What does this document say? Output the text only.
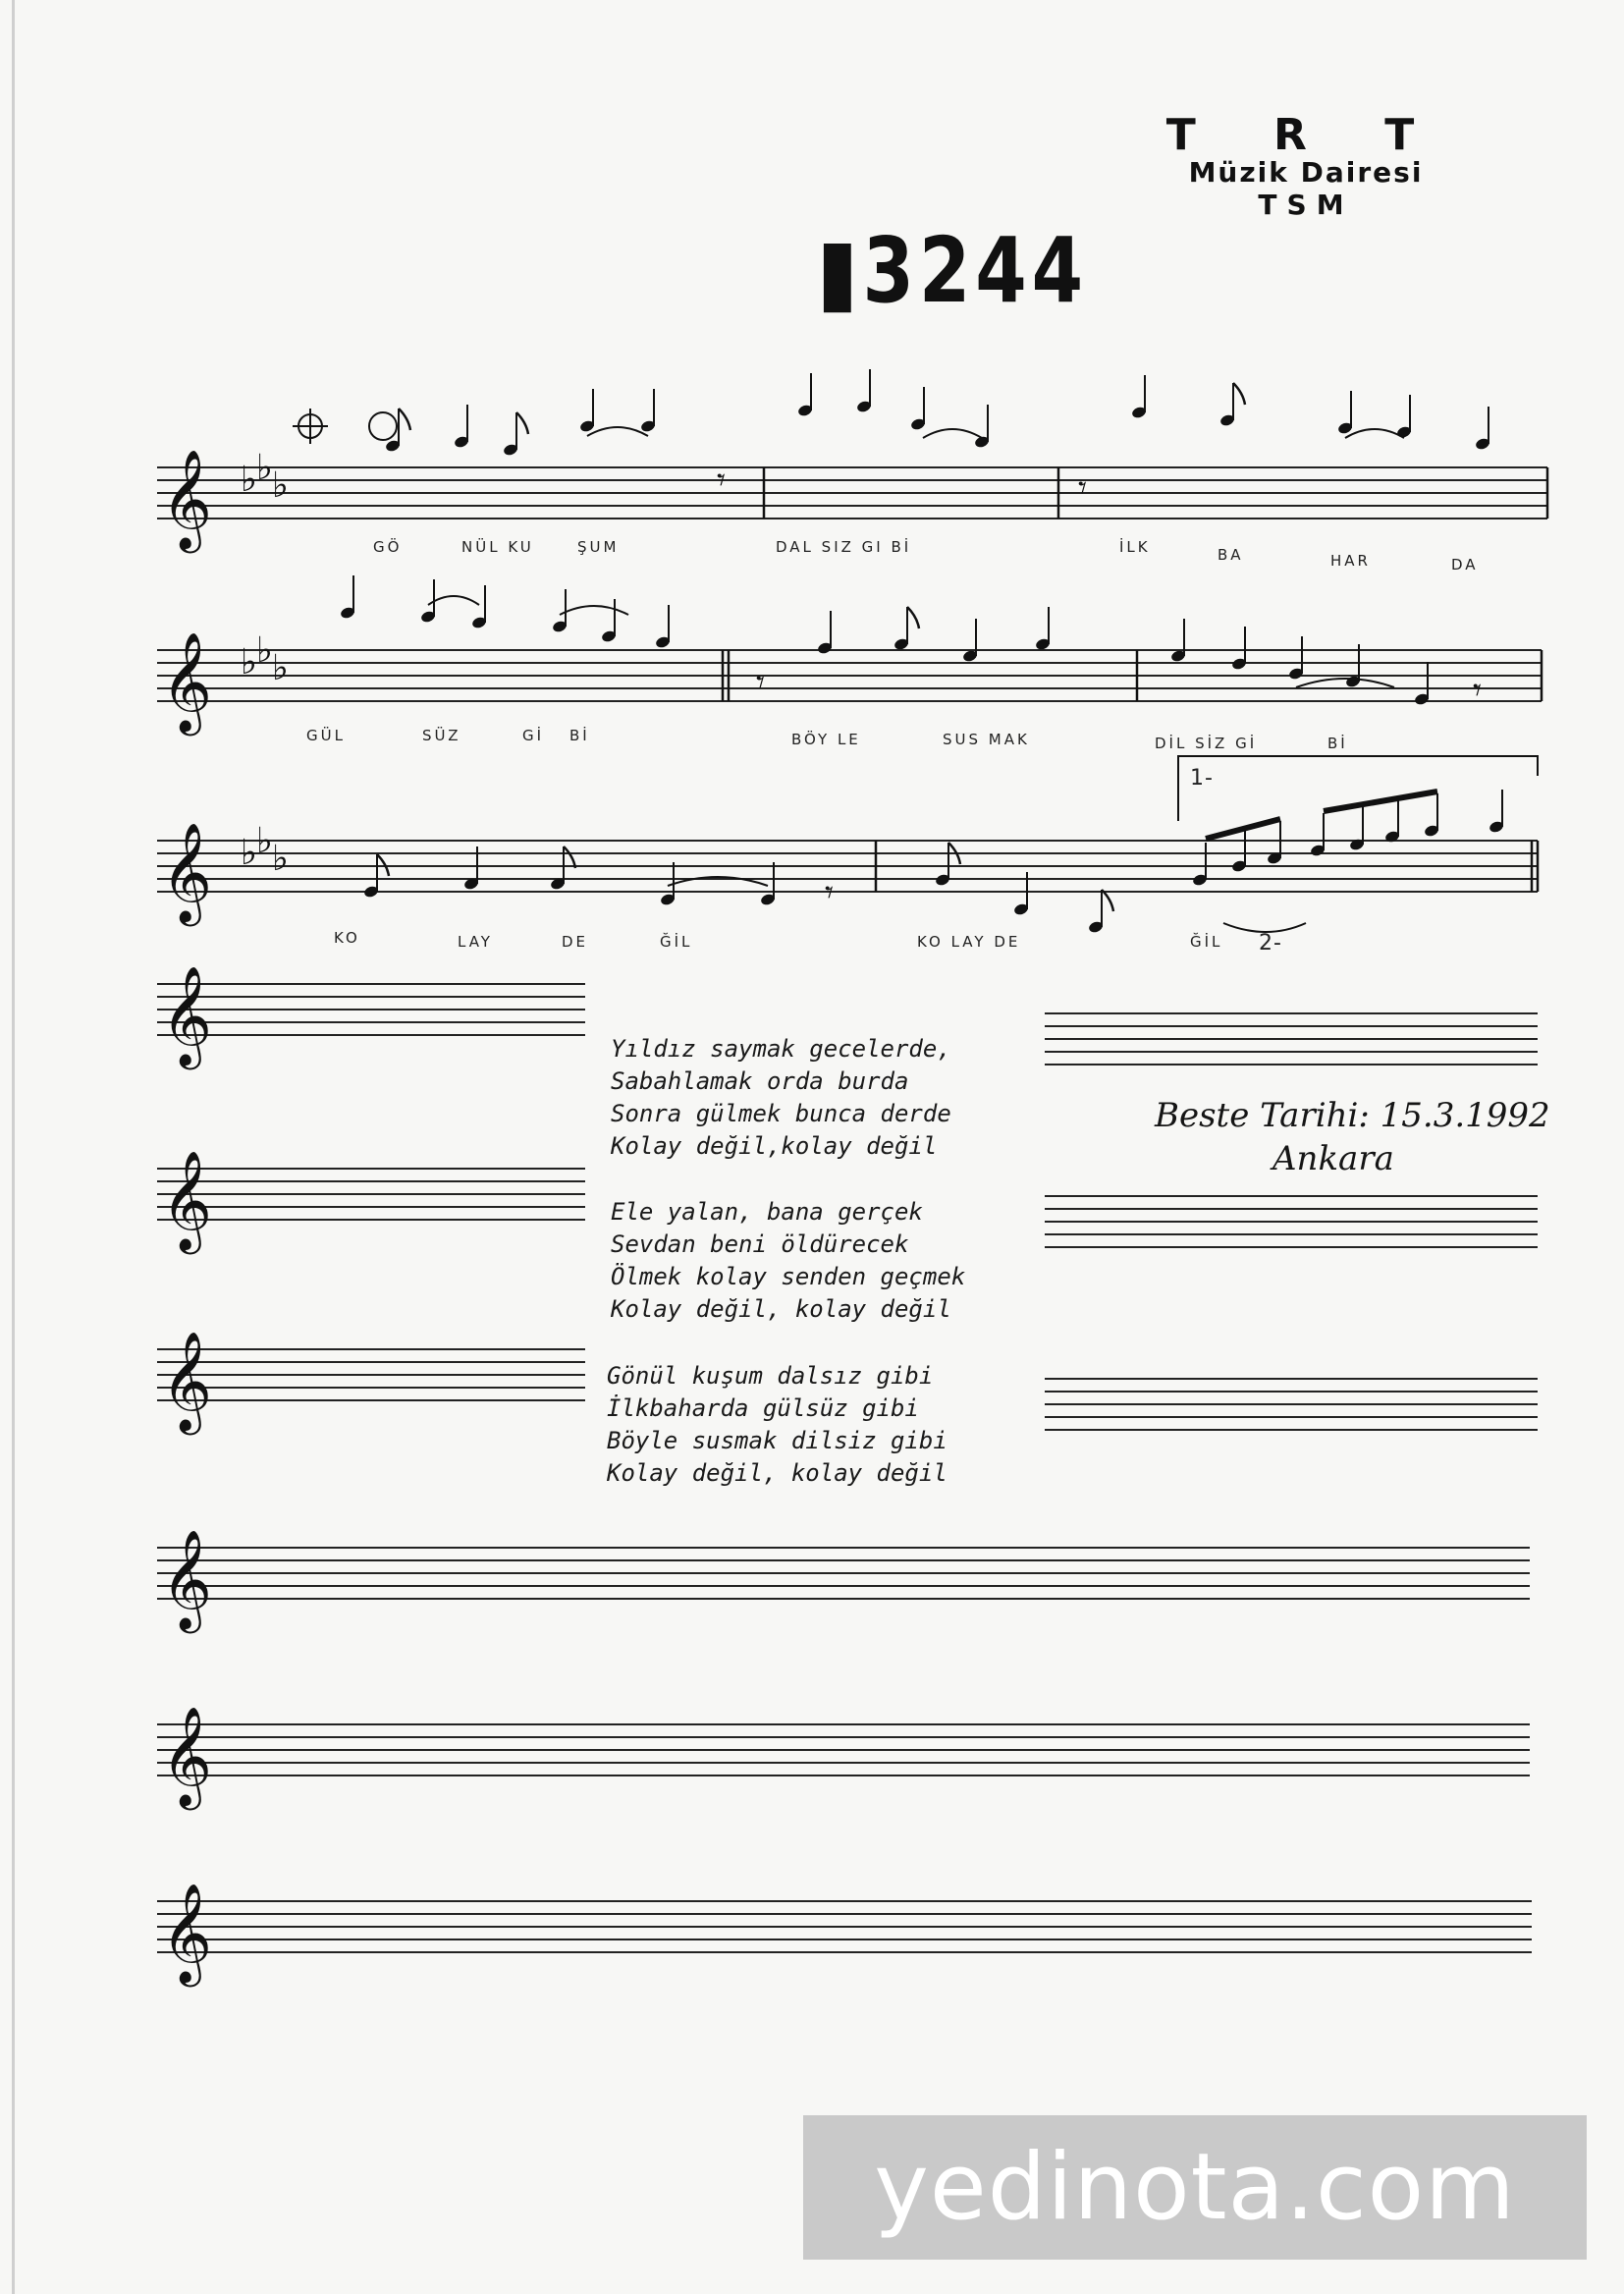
T R T
Müzik Dairesi
TSM
▮3244
𝄞 ♭ ♭ ♭	𝄾	𝄾
𝄞 ♭ ♭ ♭	𝄾	𝄾
𝄞 ♭ ♭ ♭
𝄾
𝄞
𝄞
𝄞
𝄞
𝄞
𝄞
1-
2-
GÖ	NÜL KU	ŞUM	DAL SIZ GI Bİ	İLK	BA	HAR	DA
GÜL	SÜZ	Gİ Bİ	BÖY LE	SUS MAK	DİL SİZ Gİ	Bİ
KO	LAY	DE	ĞİL	KO LAY DE	ĞİL
Yıldız saymak gecelerde,
Sabahlamak orda burda
Sonra gülmek bunca derde
Kolay değil,kolay değil
Ele yalan, bana gerçek
Sevdan beni öldürecek
Ölmek kolay senden geçmek
Kolay değil, kolay değil
Gönül kuşum dalsız gibi
İlkbaharda gülsüz gibi
Böyle susmak dilsiz gibi
Kolay değil, kolay değil
Beste Tarihi: 15.3.1992
Ankara
yedinota.com
